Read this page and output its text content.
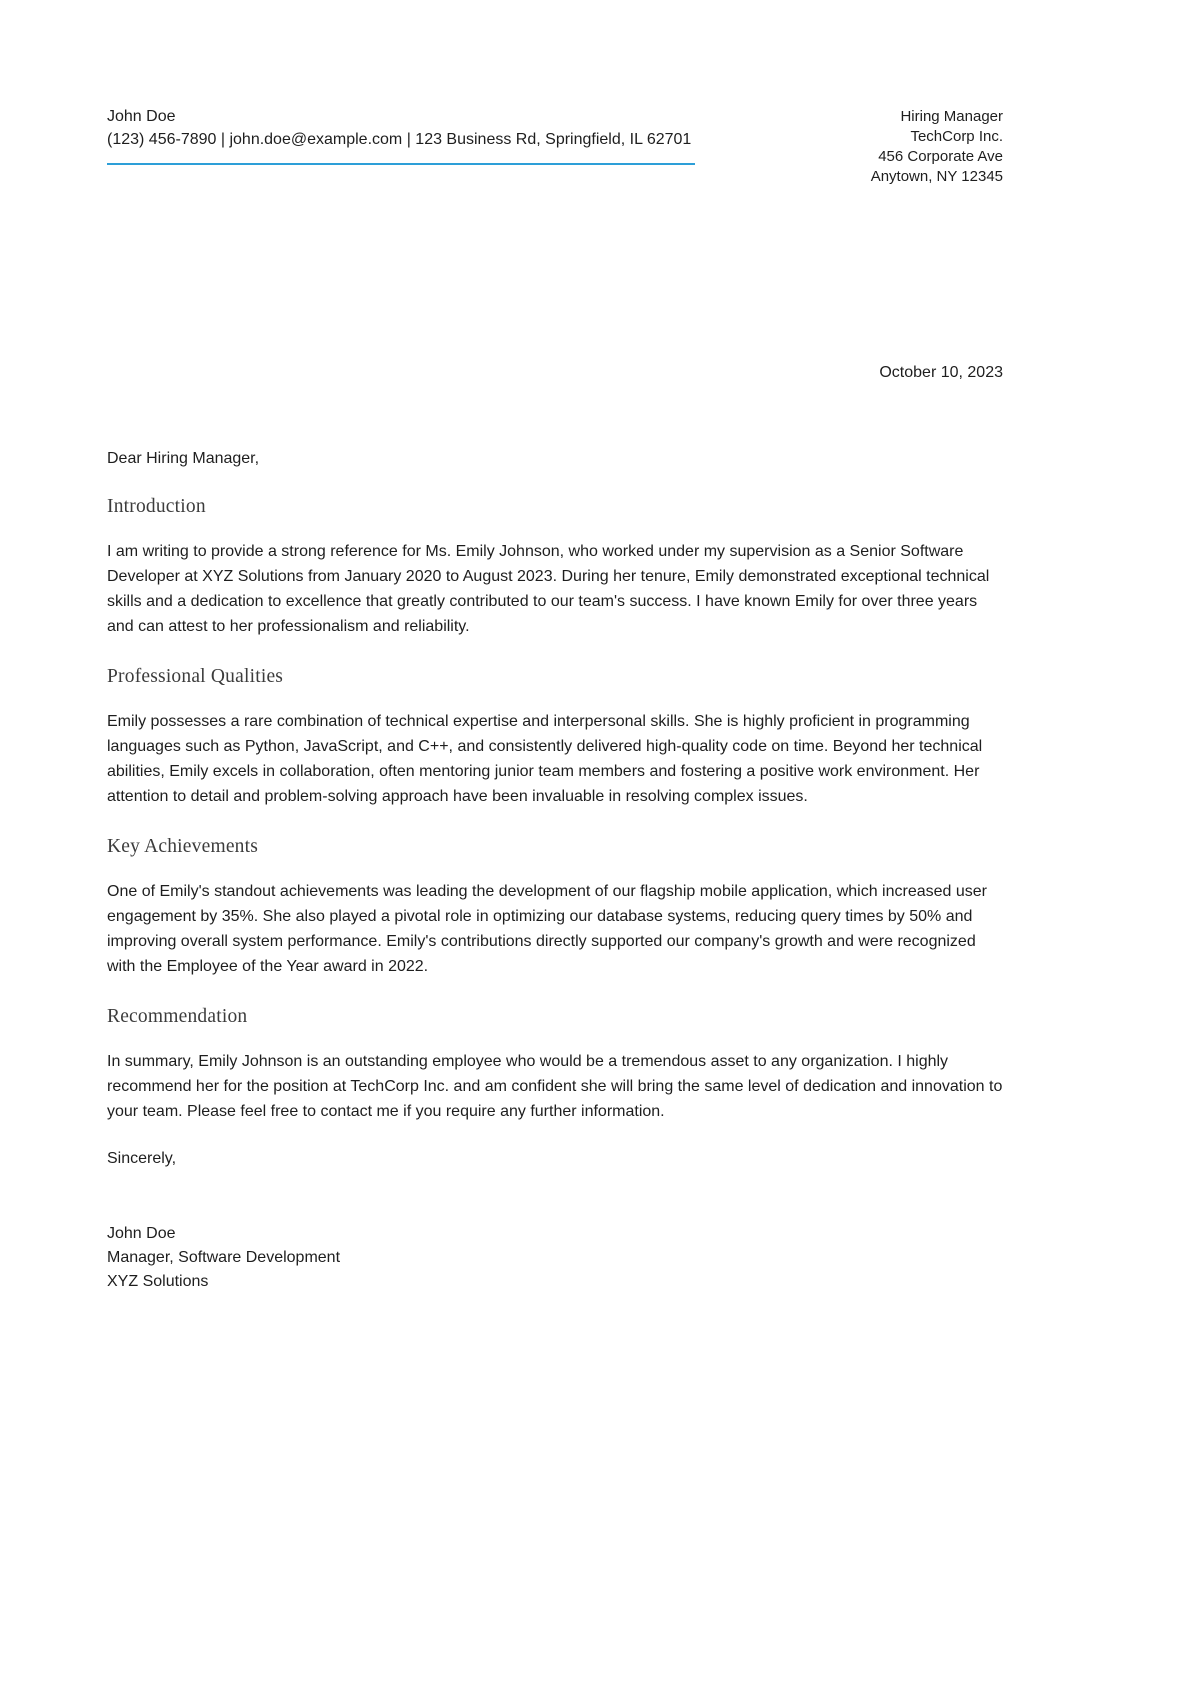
John Doe
(123) 456-7890 | john.doe@example.com | 123 Business Rd, Springfield, IL 62701
Hiring Manager
TechCorp Inc.
456 Corporate Ave
Anytown, NY 12345
October 10, 2023
Dear Hiring Manager,
Introduction

I am writing to provide a strong reference for Ms. Emily Johnson, who worked under my supervision as a Senior Software Developer at XYZ Solutions from January 2020 to August 2023. During her tenure, Emily demonstrated exceptional technical skills and a dedication to excellence that greatly contributed to our team's success. I have known Emily for over three years and can attest to her professionalism and reliability.

Professional Qualities

Emily possesses a rare combination of technical expertise and interpersonal skills. She is highly proficient in programming languages such as Python, JavaScript, and C++, and consistently delivered high-quality code on time. Beyond her technical abilities, Emily excels in collaboration, often mentoring junior team members and fostering a positive work environment. Her attention to detail and problem-solving approach have been invaluable in resolving complex issues.

Key Achievements

One of Emily's standout achievements was leading the development of our flagship mobile application, which increased user engagement by 35%. She also played a pivotal role in optimizing our database systems, reducing query times by 50% and improving overall system performance. Emily's contributions directly supported our company's growth and were recognized with the Employee of the Year award in 2022.

Recommendation

In summary, Emily Johnson is an outstanding employee who would be a tremendous asset to any organization. I highly recommend her for the position at TechCorp Inc. and am confident she will bring the same level of dedication and innovation to your team. Please feel free to contact me if you require any further information.

Sincerely,
John Doe
Manager, Software Development
XYZ Solutions
